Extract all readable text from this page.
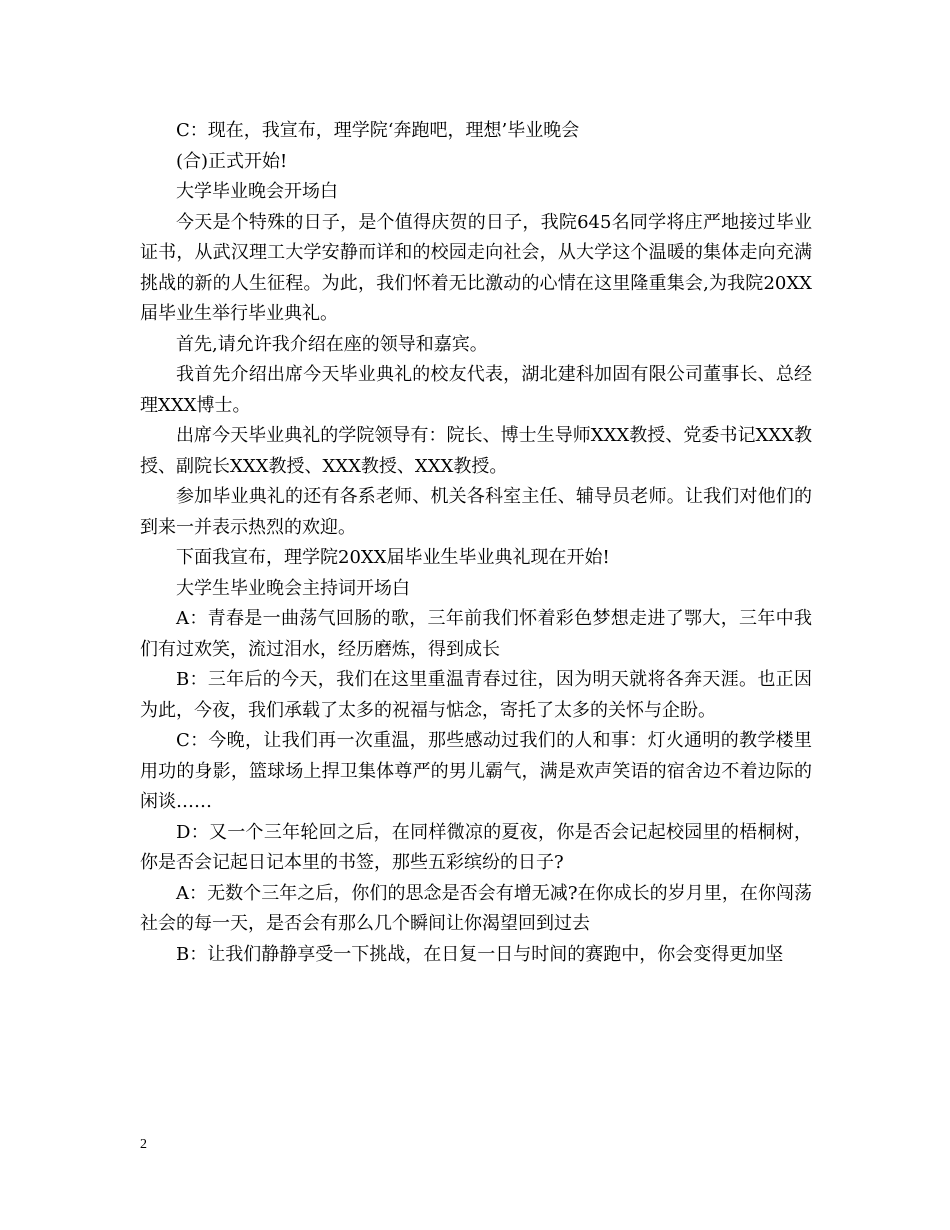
C：现在，我宣布，理学院‘奔跑吧，理想’毕业晚会

(合)正式开始!

大学毕业晚会开场白

今天是个特殊的日子，是个值得庆贺的日子，我院645名同学将庄严地接过毕业证书，从武汉理工大学安静而详和的校园走向社会，从大学这个温暖的集体走向充满挑战的新的人生征程。为此，我们怀着无比激动的心情在这里隆重集会,为我院20XX届毕业生举行毕业典礼。

首先,请允许我介绍在座的领导和嘉宾。

我首先介绍出席今天毕业典礼的校友代表，湖北建科加固有限公司董事长、总经理XXX博士。

出席今天毕业典礼的学院领导有：院长、博士生导师XXX教授、党委书记XXX教授、副院长XXX教授、XXX教授、XXX教授。

参加毕业典礼的还有各系老师、机关各科室主任、辅导员老师。让我们对他们的到来一并表示热烈的欢迎。

下面我宣布，理学院20XX届毕业生毕业典礼现在开始!

大学生毕业晚会主持词开场白

A：青春是一曲荡气回肠的歌，三年前我们怀着彩色梦想走进了鄂大，三年中我们有过欢笑，流过泪水，经历磨炼，得到成长

B：三年后的今天，我们在这里重温青春过往，因为明天就将各奔天涯。也正因为此，今夜，我们承载了太多的祝福与惦念，寄托了太多的关怀与企盼。

C：今晚，让我们再一次重温，那些感动过我们的人和事：灯火通明的教学楼里用功的身影，篮球场上捍卫集体尊严的男儿霸气，满是欢声笑语的宿舍边不着边际的闲谈……

D：又一个三年轮回之后，在同样微凉的夏夜，你是否会记起校园里的梧桐树，你是否会记起日记本里的书签，那些五彩缤纷的日子?

A：无数个三年之后，你们的思念是否会有增无减?在你成长的岁月里，在你闯荡社会的每一天，是否会有那么几个瞬间让你渴望回到过去

B：让我们静静享受一下挑战，在日复一日与时间的赛跑中，你会变得更加坚

2
